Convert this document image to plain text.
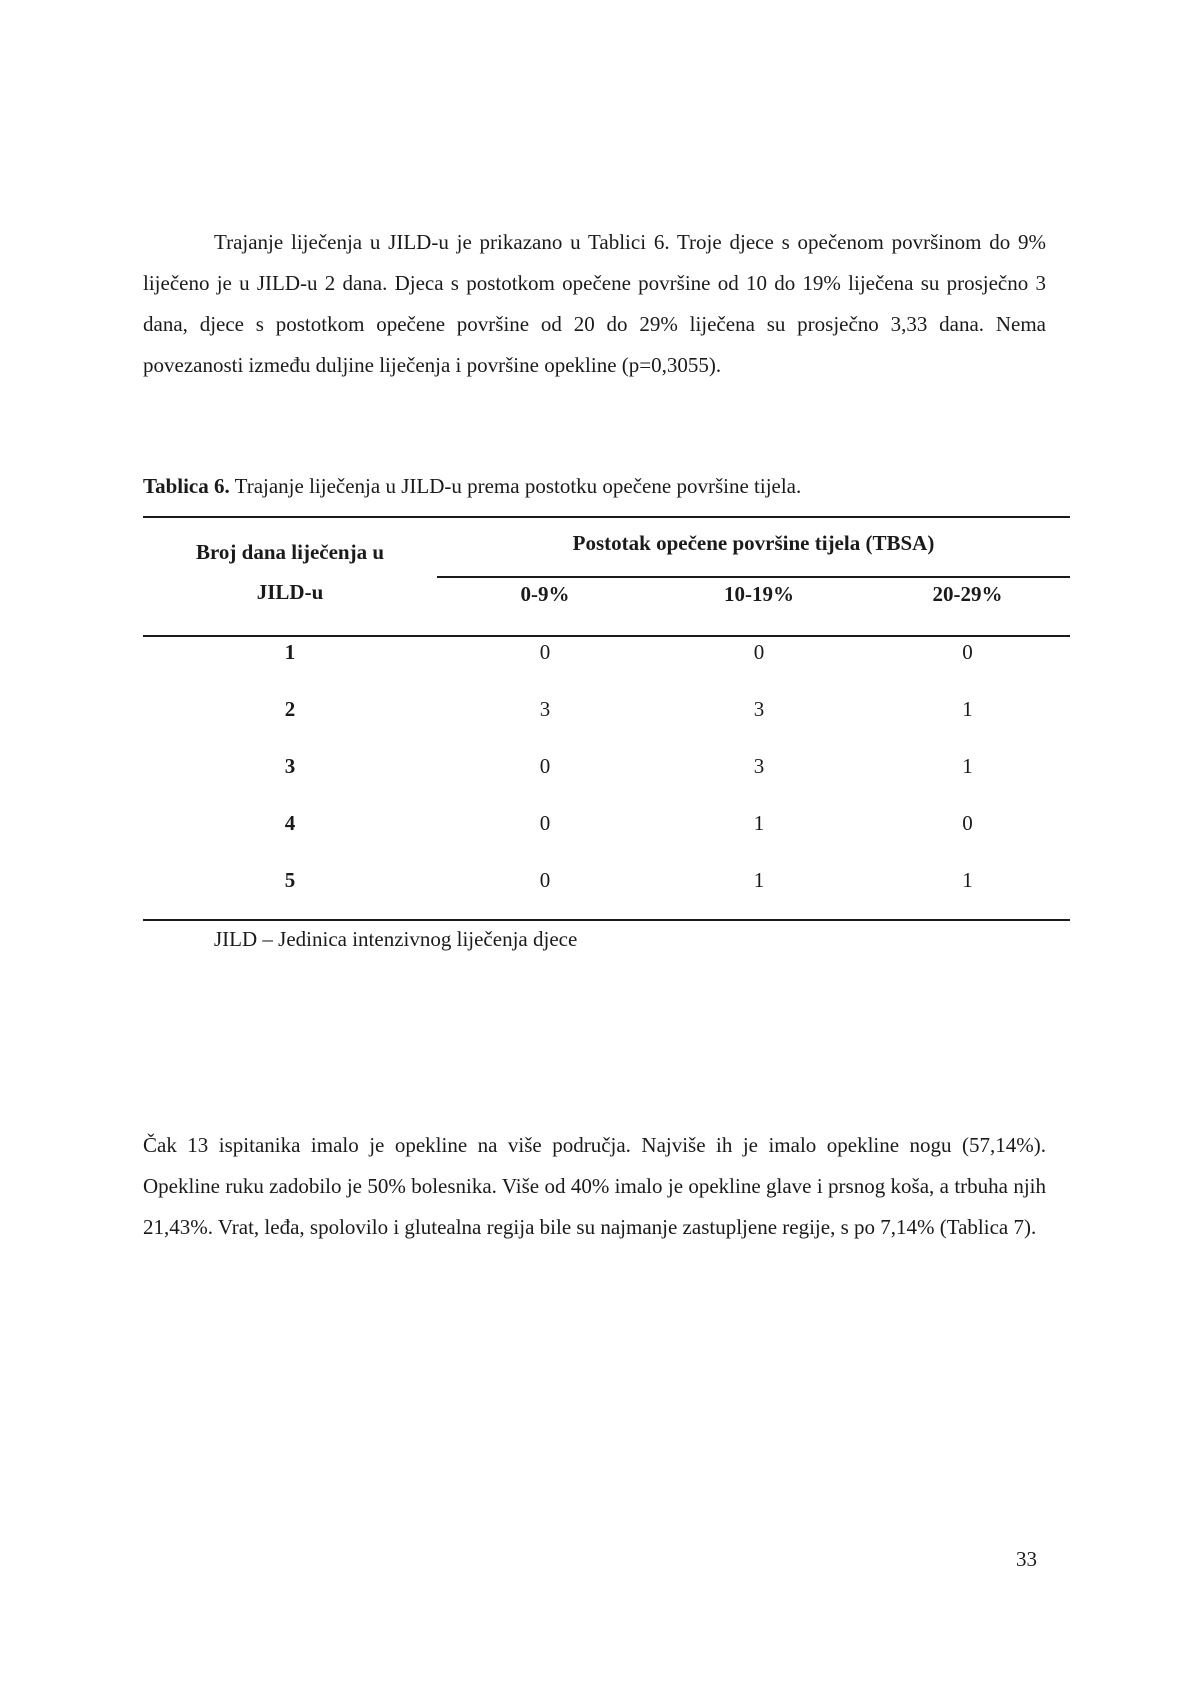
Trajanje liječenja u JILD-u je prikazano u Tablici 6. Troje djece s opečenom površinom do 9% liječeno je u JILD-u 2 dana. Djeca s postotkom opečene površine od 10 do 19% liječena su prosječno 3 dana, djece s postotkom opečene površine od 20 do 29% liječena su prosječno 3,33 dana. Nema povezanosti između duljine liječenja i površine opekline (p=0,3055).

Tablica 6. Trajanje liječenja u JILD-u prema postotku opečene površine tijela.

Broj dana liječenja u
JILD-u
Postotak opečene površine tijela (TBSA)
0-9%	10-19%	20-29%
1	0	0	0
2	3	3	1
3	0	3	1
4	0	1	0
5	0	1	1

JILD – Jedinica intenzivnog liječenja djece

Čak 13 ispitanika imalo je opekline na više područja. Najviše ih je imalo opekline nogu (57,14%). Opekline ruku zadobilo je 50% bolesnika. Više od 40% imalo je opekline glave i prsnog koša, a trbuha njih 21,43%. Vrat, leđa, spolovilo i glutealna regija bile su najmanje zastupljene regije, s po 7,14% (Tablica 7).

33
